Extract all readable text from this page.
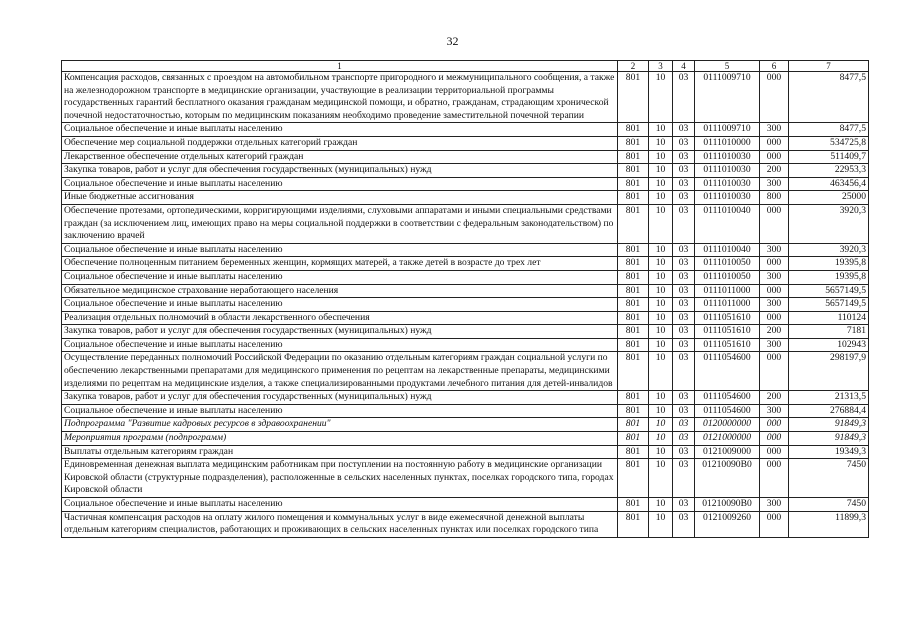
32
1	2	3	4	5	6	7
Компенсация расходов, связанных с проездом на автомобильном транспорте пригородного и межмуниципального сообщения, а также на железнодорожном транспорте в медицинские организации, участвующие в реализации территориальной программы государственных гарантий бесплатного оказания гражданам медицинской помощи, и обратно, гражданам, страдающим хронической почечной недостаточностью, которым по медицинским показаниям необходимо проведение заместительной почечной терапии	801	10	03	0111009710	000	8477,5
Социальное обеспечение и иные выплаты населению	801	10	03	0111009710	300	8477,5
Обеспечение мер социальной поддержки отдельных категорий граждан	801	10	03	0111010000	000	534725,8
Лекарственное обеспечение отдельных категорий граждан	801	10	03	0111010030	000	511409,7
Закупка товаров, работ и услуг для обеспечения государственных (муниципальных) нужд	801	10	03	0111010030	200	22953,3
Социальное обеспечение и иные выплаты населению	801	10	03	0111010030	300	463456,4
Иные бюджетные ассигнования	801	10	03	0111010030	800	25000
Обеспечение протезами, ортопедическими, корригирующими изделиями, слуховыми аппаратами и иными специальными средствами граждан (за исключением лиц, имеющих право на меры социальной поддержки в соответствии с федеральным законодательством) по заключению врачей	801	10	03	0111010040	000	3920,3
Социальное обеспечение и иные выплаты населению	801	10	03	0111010040	300	3920,3
Обеспечение полноценным питанием беременных женщин, кормящих матерей, а также детей в возрасте до трех лет	801	10	03	0111010050	000	19395,8
Социальное обеспечение и иные выплаты населению	801	10	03	0111010050	300	19395,8
Обязательное медицинское страхование неработающего населения	801	10	03	0111011000	000	5657149,5
Социальное обеспечение и иные выплаты населению	801	10	03	0111011000	300	5657149,5
Реализация отдельных полномочий в области лекарственного обеспечения	801	10	03	0111051610	000	110124
Закупка товаров, работ и услуг для обеспечения государственных (муниципальных) нужд	801	10	03	0111051610	200	7181
Социальное обеспечение и иные выплаты населению	801	10	03	0111051610	300	102943
Осуществление переданных полномочий Российской Федерации по оказанию отдельным категориям граждан социальной услуги по обеспечению лекарственными препаратами для медицинского применения по рецептам на лекарственные препараты, медицинскими изделиями по рецептам на медицинские изделия, а также специализированными продуктами лечебного питания для детей-инвалидов	801	10	03	0111054600	000	298197,9
Закупка товаров, работ и услуг для обеспечения государственных (муниципальных) нужд	801	10	03	0111054600	200	21313,5
Социальное обеспечение и иные выплаты населению	801	10	03	0111054600	300	276884,4
Подпрограмма "Развитие кадровых ресурсов в здравоохранении"	801	10	03	0120000000	000	91849,3
Мероприятия программ (подпрограмм)	801	10	03	0121000000	000	91849,3
Выплаты отдельным категориям граждан	801	10	03	0121009000	000	19349,3
Единовременная денежная выплата медицинским работникам при поступлении на постоянную работу в медицинские организации Кировской области (структурные подразделения), расположенные в сельских населенных пунктах, поселках городского типа, городах Кировской области	801	10	03	01210090В0	000	7450
Социальное обеспечение и иные выплаты населению	801	10	03	01210090В0	300	7450
Частичная компенсация расходов на оплату жилого помещения и коммунальных услуг в виде ежемесячной денежной выплаты отдельным категориям специалистов, работающих и проживающих в сельских населенных пунктах или поселках городского типа	801	10	03	0121009260	000	11899,3
